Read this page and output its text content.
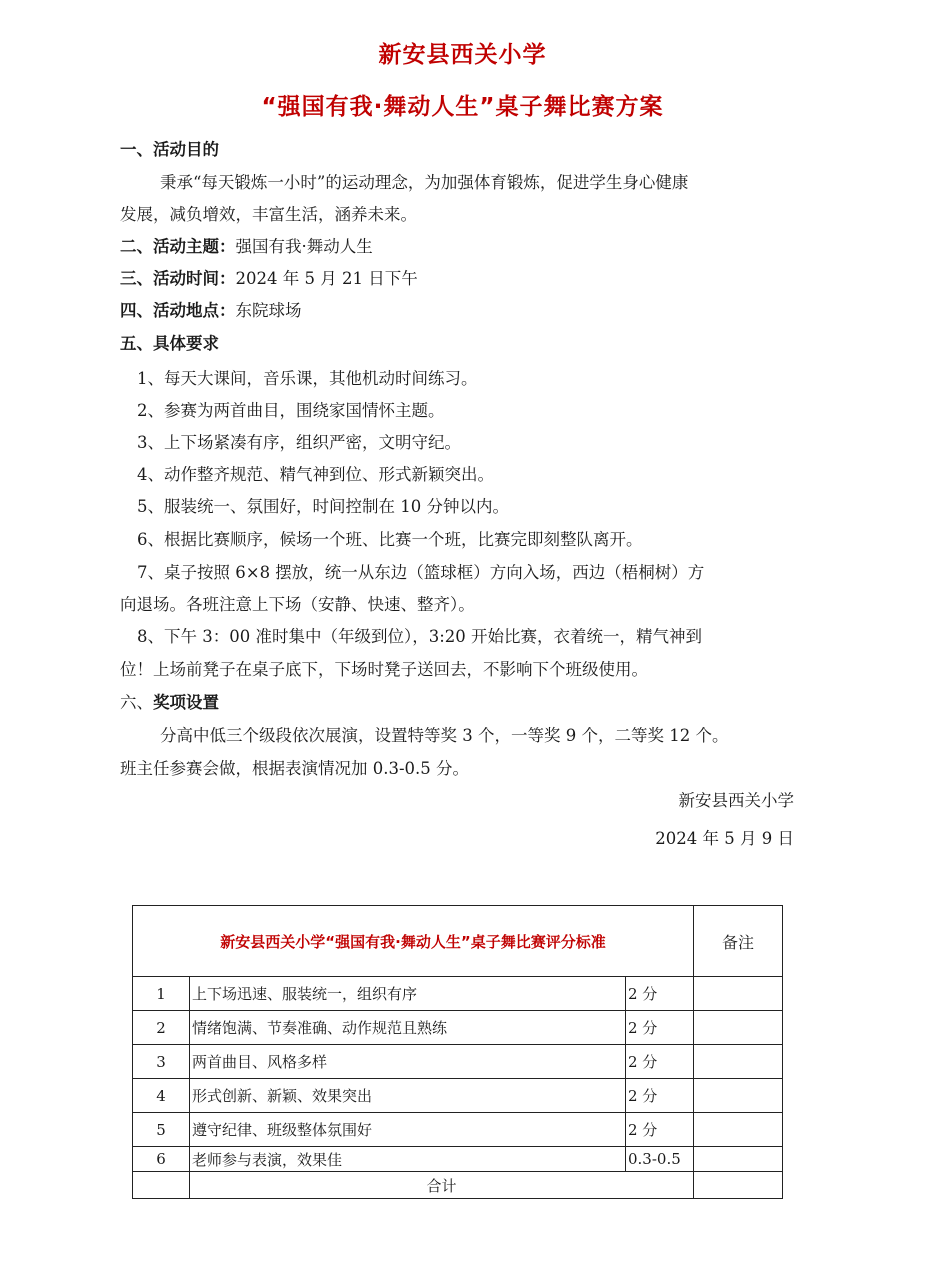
新安县西关小学
“强国有我·舞动人生”桌子舞比赛方案
一、活动目的
秉承“每天锻炼一小时”的运动理念，为加强体育锻炼，促进学生身心健康
发展，减负增效，丰富生活，涵养未来。
二、活动主题：强国有我·舞动人生
三、活动时间：2024 年 5 月 21 日下午
四、活动地点：东院球场
五、具体要求
1、每天大课间，音乐课，其他机动时间练习。
2、参赛为两首曲目，围绕家国情怀主题。
3、上下场紧凑有序，组织严密，文明守纪。
4、动作整齐规范、精气神到位、形式新颖突出。
5、服装统一、氛围好，时间控制在 10 分钟以内。
6、根据比赛顺序，候场一个班、比赛一个班，比赛完即刻整队离开。
7、桌子按照 6×8 摆放，统一从东边（篮球框）方向入场，西边（梧桐树）方
向退场。各班注意上下场（安静、快速、整齐）。
8、下午 3：00 准时集中（年级到位），3:20 开始比赛，衣着统一，精气神到
位！上场前凳子在桌子底下，下场时凳子送回去，不影响下个班级使用。
六、奖项设置
分高中低三个级段依次展演，设置特等奖 3 个，一等奖 9 个，二等奖 12 个。
班主任参赛会做，根据表演情况加 0.3-0.5 分。
新安县西关小学
2024 年 5 月 9 日
新安县西关小学“强国有我·舞动人生”桌子舞比赛评分标准			备注
1	上下场迅速、服装统一，组织有序	2 分	
2	情绪饱满、节奏准确、动作规范且熟练	2 分	
3	两首曲目、风格多样	2 分	
4	形式创新、新颖、效果突出	2 分	
5	遵守纪律、班级整体氛围好	2 分	
6	老师参与表演，效果佳	0.3-0.5	
	合计		
